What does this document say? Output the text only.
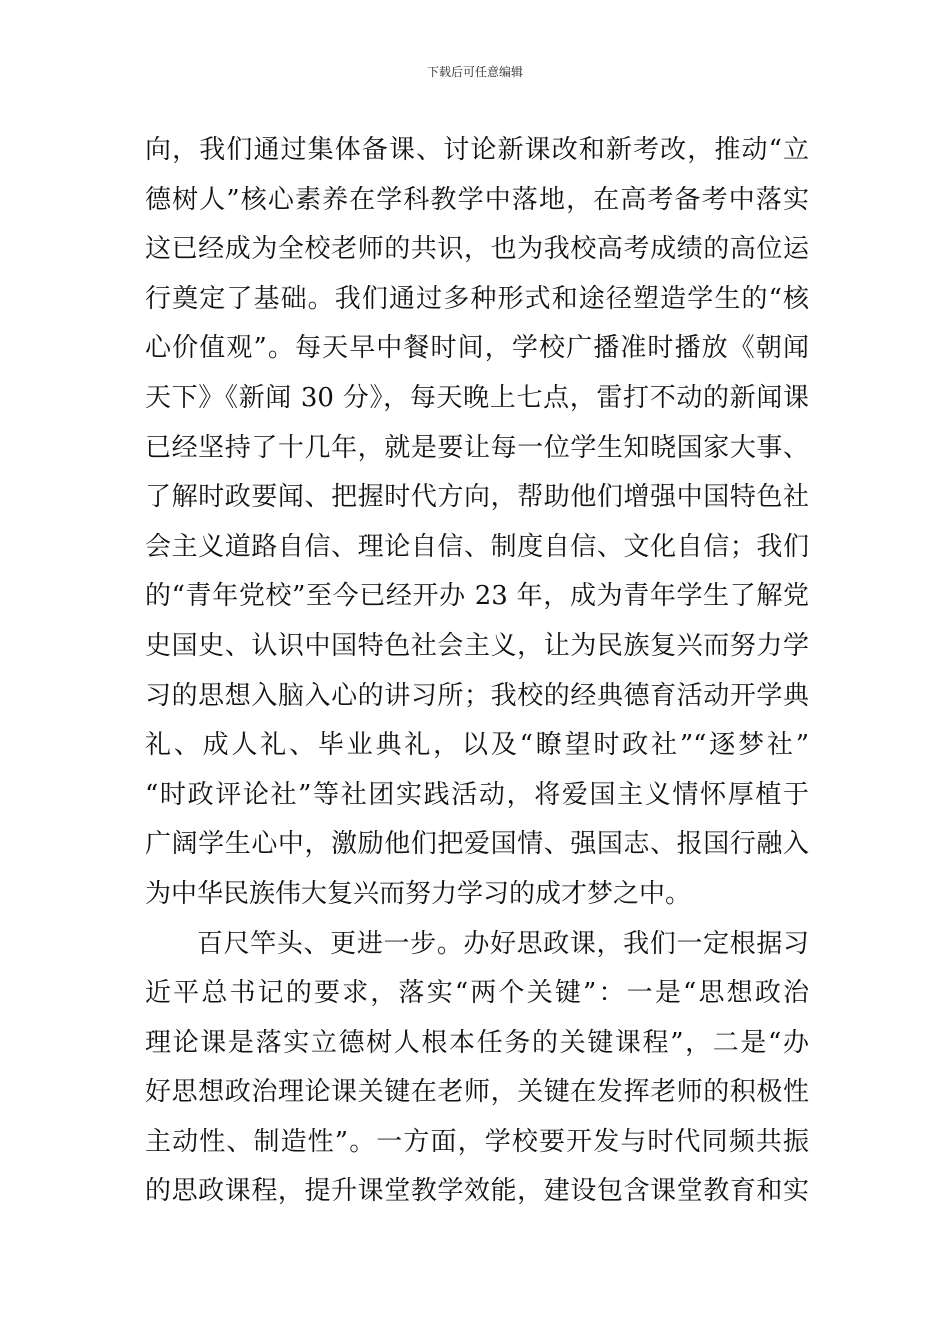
下载后可任意编辑
向，我们通过集体备课、讨论新课改和新考改，推动“立
德树人”核心素养在学科教学中落地，在高考备考中落实
这已经成为全校老师的共识，也为我校高考成绩的高位运
行奠定了基础。我们通过多种形式和途径塑造学生的“核
心价值观”。每天早中餐时间，学校广播准时播放《朝闻
天下》《新闻 30 分》，每天晚上七点，雷打不动的新闻课
已经坚持了十几年，就是要让每一位学生知晓国家大事、
了解时政要闻、把握时代方向，帮助他们增强中国特色社
会主义道路自信、理论自信、制度自信、文化自信；我们
的“青年党校”至今已经开办 23 年，成为青年学生了解党
史国史、认识中国特色社会主义，让为民族复兴而努力学
习的思想入脑入心的讲习所；我校的经典德育活动开学典
礼、成人礼、毕业典礼，以及“瞭望时政社”“逐梦社”
“时政评论社”等社团实践活动，将爱国主义情怀厚植于
广阔学生心中，激励他们把爱国情、强国志、报国行融入
为中华民族伟大复兴而努力学习的成才梦之中。
百尺竿头、更进一步。办好思政课，我们一定根据习
近平总书记的要求，落实“两个关键”：一是“思想政治
理论课是落实立德树人根本任务的关键课程”，二是“办
好思想政治理论课关键在老师，关键在发挥老师的积极性
主动性、制造性”。一方面，学校要开发与时代同频共振
的思政课程，提升课堂教学效能，建设包含课堂教育和实
